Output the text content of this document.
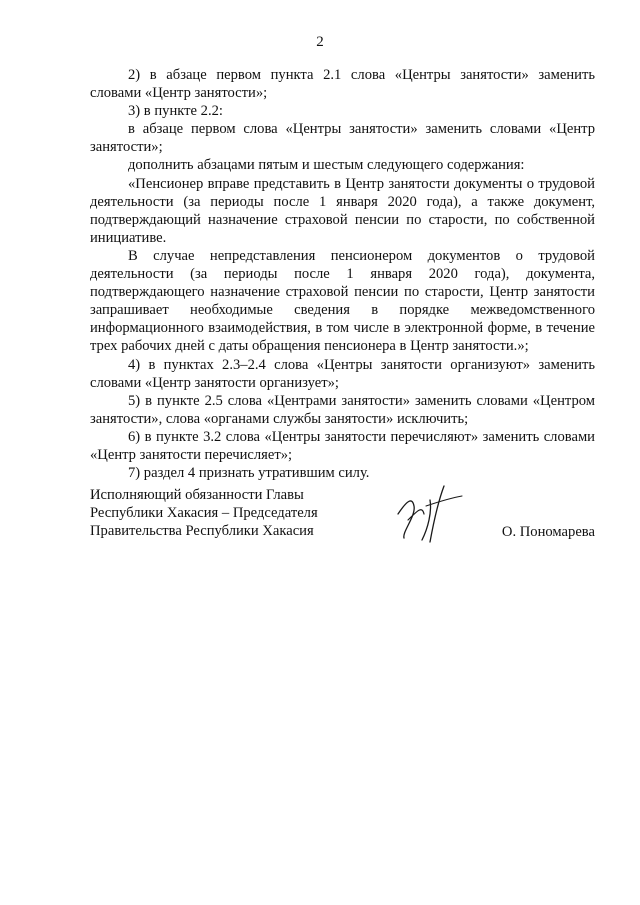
2

2) в абзаце первом пункта 2.1 слова «Центры занятости» заменить словами «Центр занятости»;

3) в пункте 2.2:

в абзаце первом слова «Центры занятости» заменить словами «Центр занятости»;

дополнить абзацами пятым и шестым следующего содержания:

«Пенсионер вправе представить в Центр занятости документы о трудовой деятельности (за периоды после 1 января 2020 года), а также документ, подтверждающий назначение страховой пенсии по старости, по собственной инициативе.

В случае непредставления пенсионером документов о трудовой деятельности (за периоды после 1 января 2020 года), документа, подтверждающего назначение страховой пенсии по старости, Центр занятости запрашивает необходимые сведения в порядке межведомственного информационного взаимодействия, в том числе в электронной форме, в течение трех рабочих дней с даты обращения пенсионера в Центр занятости.»;

4) в пунктах 2.3–2.4 слова «Центры занятости организуют» заменить словами «Центр занятости организует»;

5) в пункте 2.5 слова «Центрами занятости» заменить словами «Центром занятости», слова «органами службы занятости» исключить;

6) в пункте 3.2 слова «Центры занятости перечисляют» заменить словами «Центр занятости перечисляет»;

7) раздел 4 признать утратившим силу.

Исполняющий обязанности Главы
Республики Хакасия – Председателя
Правительства Республики Хакасия	О. Пономарева
